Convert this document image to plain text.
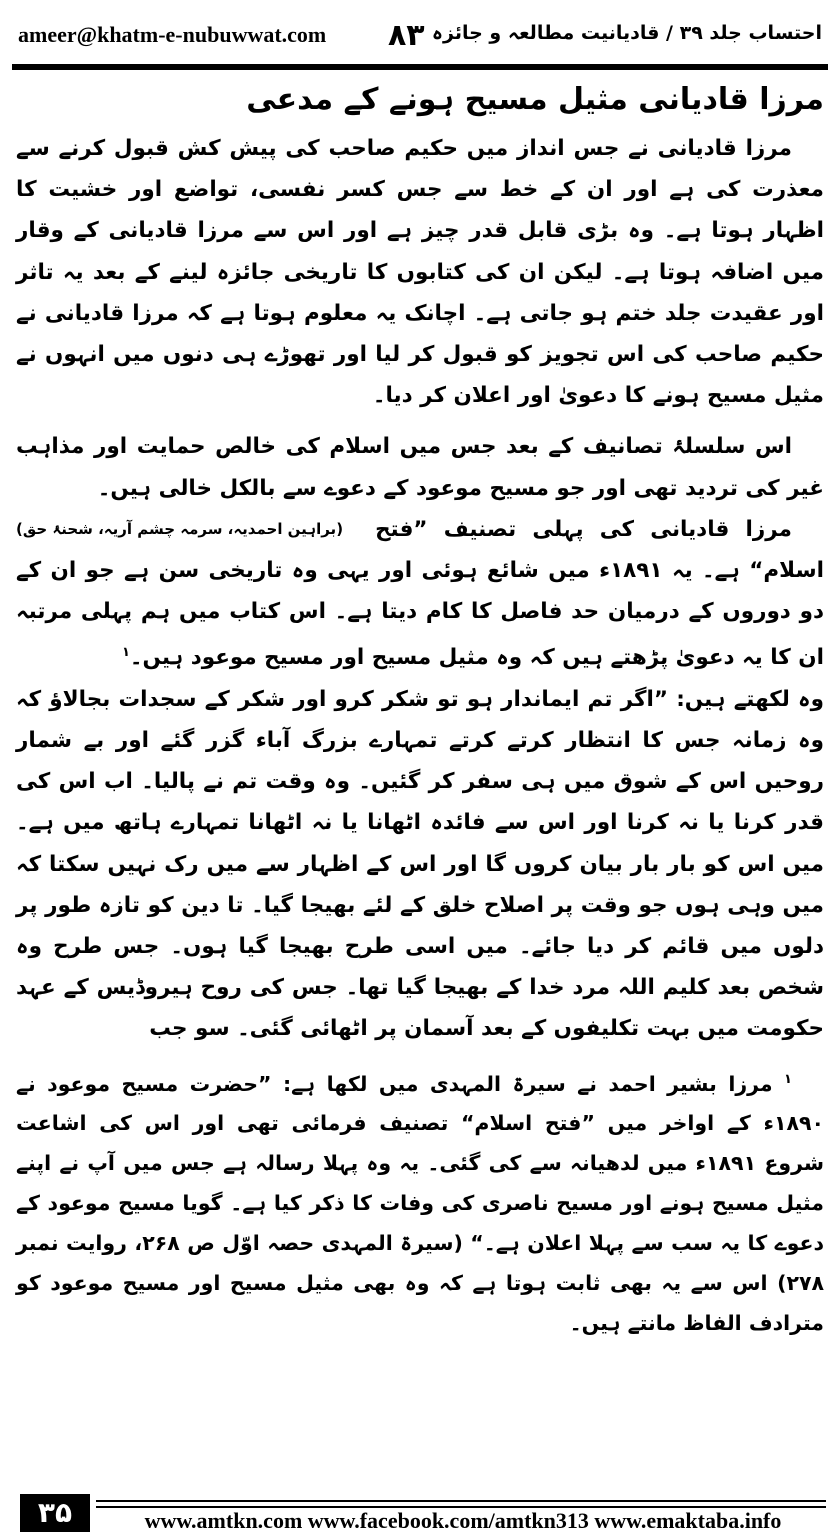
ameer@khatm-e-nubuwwat.com ۸۳ احتساب جلد ۳۹ / قادیانیت مطالعہ و جائزہ
مرزا قادیانی مثیل مسیح ہونے کے مدعی

مرزا قادیانی نے جس انداز میں حکیم صاحب کی پیش کش قبول کرنے سے معذرت کی ہے اور ان کے خط سے جس کسر نفسی، تواضع اور خشیت کا اظہار ہوتا ہے۔ وہ بڑی قابل قدر چیز ہے اور اس سے مرزا قادیانی کے وقار میں اضافہ ہوتا ہے۔ لیکن ان کی کتابوں کا تاریخی جائزہ لینے کے بعد یہ تاثر اور عقیدت جلد ختم ہو جاتی ہے۔ اچانک یہ معلوم ہوتا ہے کہ مرزا قادیانی نے حکیم صاحب کی اس تجویز کو قبول کر لیا اور تھوڑے ہی دنوں میں انہوں نے مثیل مسیح ہونے کا دعویٰ اور اعلان کر دیا۔

اس سلسلۂ تصانیف کے بعد جس میں اسلام کی خالص حمایت اور مذاہب غیر کی تردید تھی اور جو مسیح موعود کے دعوے سے بالکل خالی ہیں۔
(براہین احمدیہ، سرمہ چشم آریہ، شحنۂ حق)	مرزا قادیانی کی پہلی تصنیف ”فتح اسلام“ ہے۔ یہ ۱۸۹۱ء میں شائع ہوئی اور یہی وہ تاریخی سن ہے جو ان کے دو دوروں کے درمیان حد فاصل کا کام دیتا ہے۔ اس کتاب میں ہم پہلی مرتبہ ان کا یہ دعویٰ پڑھتے ہیں کہ وہ مثیل مسیح اور مسیح موعود ہیں۔$^۱$

وہ لکھتے ہیں: ”اگر تم ایماندار ہو تو شکر کرو اور شکر کے سجدات بجالاؤ کہ وہ زمانہ جس کا انتظار کرتے کرتے تمہارے بزرگ آباء گزر گئے اور بے شمار روحیں اس کے شوق میں ہی سفر کر گئیں۔ وہ وقت تم نے پالیا۔ اب اس کی قدر کرنا یا نہ کرنا اور اس سے فائدہ اٹھانا یا نہ اٹھانا تمہارے ہاتھ میں ہے۔ میں اس کو بار بار بیان کروں گا اور اس کے اظہار سے میں رک نہیں سکتا کہ میں وہی ہوں جو وقت پر اصلاح خلق کے لئے بھیجا گیا۔ تا دین کو تازہ طور پر دلوں میں قائم کر دیا جائے۔ میں اسی طرح بھیجا گیا ہوں۔ جس طرح وہ شخص بعد کلیم اللہ مرد خدا کے بھیجا گیا تھا۔ جس کی روح ہیروڈیس کے عہد حکومت میں بہت تکلیفوں کے بعد آسمان پر اٹھائی گئی۔ سو جب

$^۱$ مرزا بشیر احمد نے سیرۃ المہدی میں لکھا ہے: ”حضرت مسیح موعود نے ۱۸۹۰ء کے اواخر میں ”فتح اسلام“ تصنیف فرمائی تھی اور اس کی اشاعت شروع ۱۸۹۱ء میں لدھیانہ سے کی گئی۔ یہ وہ پہلا رسالہ ہے جس میں آپ نے اپنے مثیل مسیح ہونے اور مسیح ناصری کی وفات کا ذکر کیا ہے۔ گویا مسیح موعود کے دعوے کا یہ سب سے پہلا اعلان ہے۔“ (سیرۃ المہدی حصہ اوّل ص ۲۶۸، روایت نمبر ۲۷۸) اس سے یہ بھی ثابت ہوتا ہے کہ وہ بھی مثیل مسیح اور مسیح موعود کو مترادف الفاظ مانتے ہیں۔

۳۵	www.amtkn.com www.facebook.com/amtkn313 www.emaktaba.info
